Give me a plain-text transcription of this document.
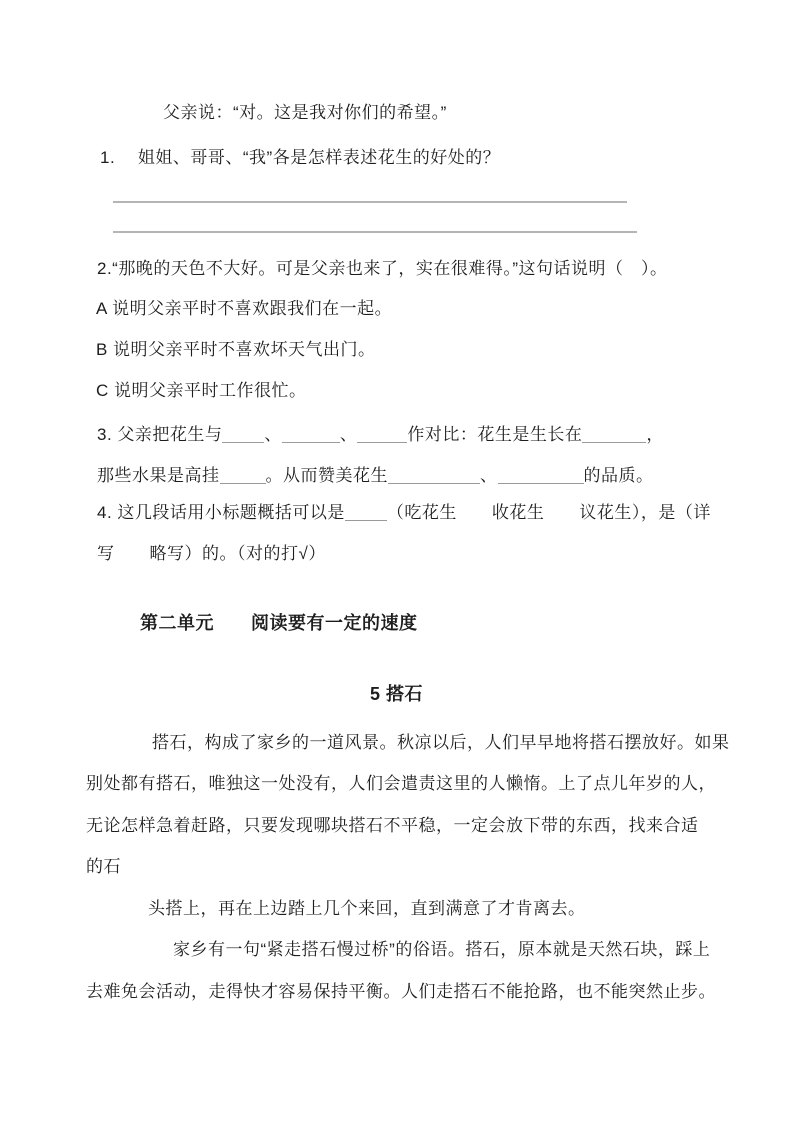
父亲说：“对。这是我对你们的希望。”
1.　 姐姐、哥哥、“我”各是怎样表述花生的好处的？
2.“那晚的天色不大好。可是父亲也来了，实在很难得。”这句话说明（　）。
A 说明父亲平时不喜欢跟我们在一起。
B 说明父亲平时不喜欢坏天气出门。
C 说明父亲平时工作很忙。
3. 父亲把花生与 、	、	作对比：花生是生长在	，
那些水果是高挂	。从而赞美花生	、	的品质。
4. 这几段话用小标题概括可以是 （吃花生　　收花生　　议花生），是（详
写　　略写）的。（对的打√）
第二单元　　阅读要有一定的速度
5 搭石
搭石，构成了家乡的一道风景。秋凉以后，人们早早地将搭石摆放好。如果
别处都有搭石，唯独这一处没有，人们会遣责这里的人懒惰。上了点儿年岁的人，
无论怎样急着赶路，只要发现哪块搭石不平稳，一定会放下带的东西，找来合适
的石
头搭上，再在上边踏上几个来回，直到满意了才肯离去。
家乡有一句“紧走搭石慢过桥”的俗语。搭石，原本就是天然石块，踩上
去难免会活动，走得快才容易保持平衡。人们走搭石不能抢路，也不能突然止步。
